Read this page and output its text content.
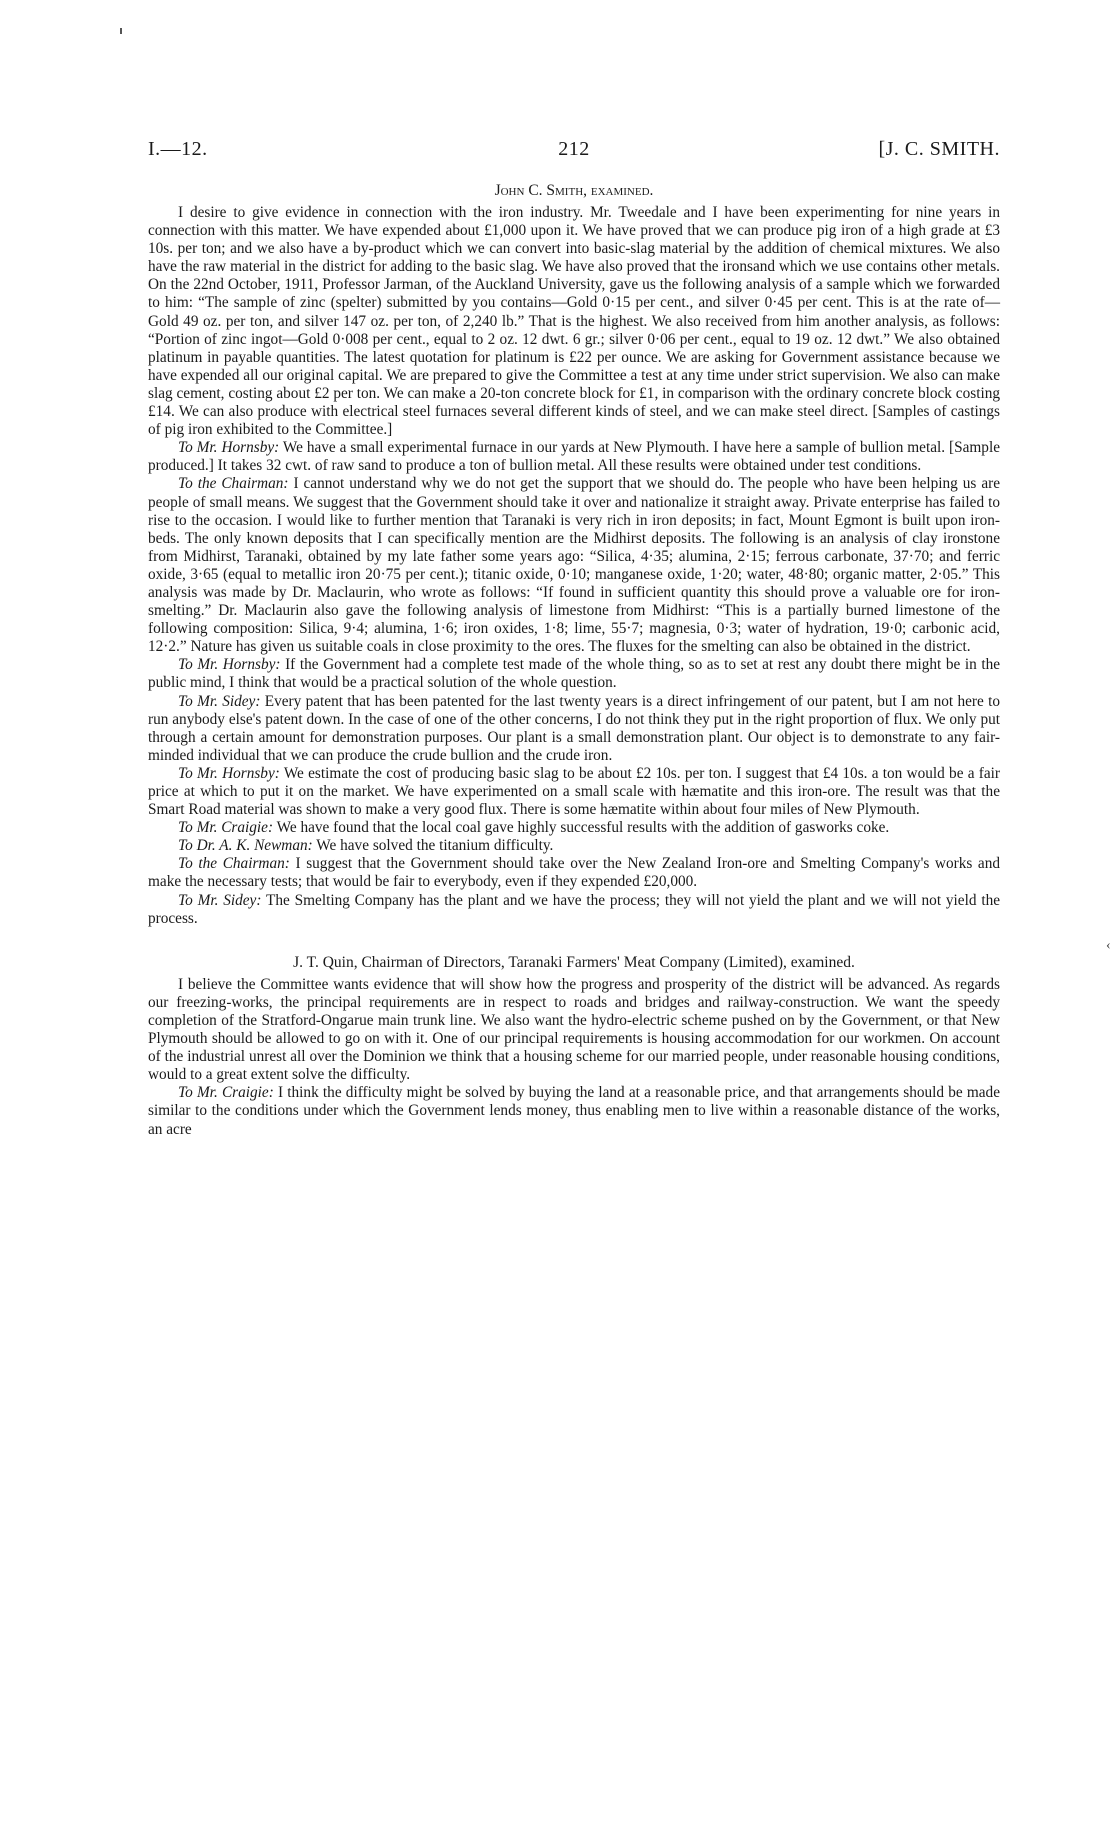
‹
I.—12.	212	[J. C. SMITH.
John C. Smith, examined.

I desire to give evidence in connection with the iron industry. Mr. Tweedale and I have been experimenting for nine years in connection with this matter. We have expended about £1,000 upon it. We have proved that we can produce pig iron of a high grade at £3 10s. per ton; and we also have a by-product which we can convert into basic-slag material by the addition of chemical mixtures. We also have the raw material in the district for adding to the basic slag. We have also proved that the ironsand which we use contains other metals. On the 22nd October, 1911, Professor Jarman, of the Auckland University, gave us the following analysis of a sample which we forwarded to him: “The sample of zinc (spelter) submitted by you contains—Gold 0·15 per cent., and silver 0·45 per cent. This is at the rate of—Gold 49 oz. per ton, and silver 147 oz. per ton, of 2,240 lb.” That is the highest. We also received from him another analysis, as follows: “Portion of zinc ingot—Gold 0·008 per cent., equal to 2 oz. 12 dwt. 6 gr.; silver 0·06 per cent., equal to 19 oz. 12 dwt.” We also obtained platinum in payable quantities. The latest quotation for platinum is £22 per ounce. We are asking for Government assistance because we have expended all our original capital. We are prepared to give the Committee a test at any time under strict supervision. We also can make slag cement, costing about £2 per ton. We can make a 20-ton concrete block for £1, in comparison with the ordinary concrete block costing £14. We can also produce with electrical steel furnaces several different kinds of steel, and we can make steel direct. [Samples of castings of pig iron exhibited to the Committee.]

To Mr. Hornsby: We have a small experimental furnace in our yards at New Plymouth. I have here a sample of bullion metal. [Sample produced.] It takes 32 cwt. of raw sand to produce a ton of bullion metal. All these results were obtained under test conditions.

To the Chairman: I cannot understand why we do not get the support that we should do. The people who have been helping us are people of small means. We suggest that the Government should take it over and nationalize it straight away. Private enterprise has failed to rise to the occasion. I would like to further mention that Taranaki is very rich in iron deposits; in fact, Mount Egmont is built upon iron-beds. The only known deposits that I can specifically mention are the Midhirst deposits. The following is an analysis of clay ironstone from Midhirst, Taranaki, obtained by my late father some years ago: “Silica, 4·35; alumina, 2·15; ferrous carbonate, 37·70; and ferric oxide, 3·65 (equal to metallic iron 20·75 per cent.); titanic oxide, 0·10; manganese oxide, 1·20; water, 48·80; organic matter, 2·05.” This analysis was made by Dr. Maclaurin, who wrote as follows: “If found in sufficient quantity this should prove a valuable ore for iron-smelting.” Dr. Maclaurin also gave the following analysis of limestone from Midhirst: “This is a partially burned limestone of the following composition: Silica, 9·4; alumina, 1·6; iron oxides, 1·8; lime, 55·7; magnesia, 0·3; water of hydration, 19·0; carbonic acid, 12·2.” Nature has given us suitable coals in close proximity to the ores. The fluxes for the smelting can also be obtained in the district.

To Mr. Hornsby: If the Government had a complete test made of the whole thing, so as to set at rest any doubt there might be in the public mind, I think that would be a practical solution of the whole question.

To Mr. Sidey: Every patent that has been patented for the last twenty years is a direct infringement of our patent, but I am not here to run anybody else's patent down. In the case of one of the other concerns, I do not think they put in the right proportion of flux. We only put through a certain amount for demonstration purposes. Our plant is a small demonstration plant. Our object is to demonstrate to any fair-minded individual that we can produce the crude bullion and the crude iron.

To Mr. Hornsby: We estimate the cost of producing basic slag to be about £2 10s. per ton. I suggest that £4 10s. a ton would be a fair price at which to put it on the market. We have experimented on a small scale with hæmatite and this iron-ore. The result was that the Smart Road material was shown to make a very good flux. There is some hæmatite within about four miles of New Plymouth.

To Mr. Craigie: We have found that the local coal gave highly successful results with the addition of gasworks coke.

To Dr. A. K. Newman: We have solved the titanium difficulty.

To the Chairman: I suggest that the Government should take over the New Zealand Iron-ore and Smelting Company's works and make the necessary tests; that would be fair to everybody, even if they expended £20,000.

To Mr. Sidey: The Smelting Company has the plant and we have the process; they will not yield the plant and we will not yield the process.

J. T. Quin, Chairman of Directors, Taranaki Farmers' Meat Company (Limited), examined.

I believe the Committee wants evidence that will show how the progress and prosperity of the district will be advanced. As regards our freezing-works, the principal requirements are in respect to roads and bridges and railway-construction. We want the speedy completion of the Stratford-Ongarue main trunk line. We also want the hydro-electric scheme pushed on by the Government, or that New Plymouth should be allowed to go on with it. One of our principal requirements is housing accommodation for our workmen. On account of the industrial unrest all over the Dominion we think that a housing scheme for our married people, under reasonable housing conditions, would to a great extent solve the difficulty.

To Mr. Craigie: I think the difficulty might be solved by buying the land at a reasonable price, and that arrangements should be made similar to the conditions under which the Government lends money, thus enabling men to live within a reasonable distance of the works, an acre
